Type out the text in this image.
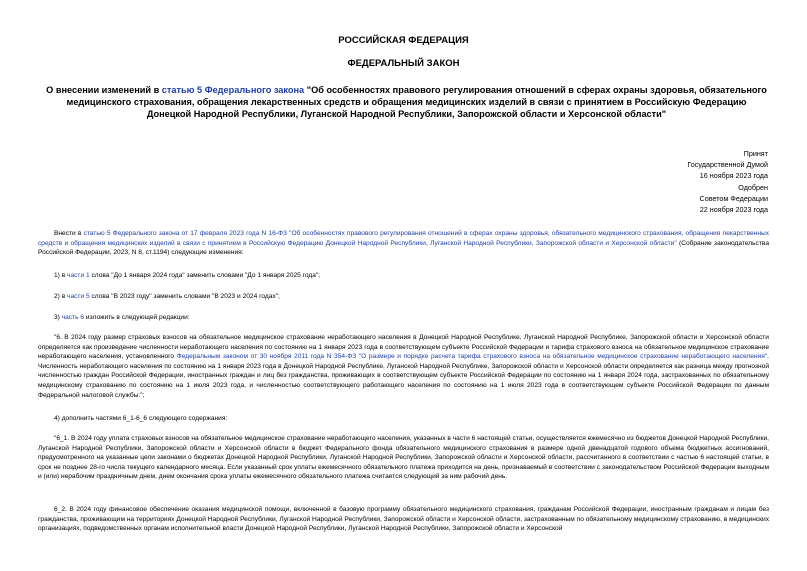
РОССИЙСКАЯ ФЕДЕРАЦИЯ
ФЕДЕРАЛЬНЫЙ ЗАКОН
О внесении изменений в статью 5 Федерального закона "Об особенностях правового регулирования отношений в сферах охраны здоровья, обязательного медицинского страхования, обращения лекарственных средств и обращения медицинских изделий в связи с принятием в Российскую Федерацию Донецкой Народной Республики, Луганской Народной Республики, Запорожской области и Херсонской области"
Принят
Государственной Думой
16 ноября 2023 года
Одобрен
Советом Федерации
22 ноября 2023 года
Внести в статью 5 Федерального закона от 17 февраля 2023 года N 16-ФЗ "Об особенностях правового регулирования отношений в сферах охраны здоровья, обязательного медицинского страхования, обращения лекарственных средств и обращения медицинских изделий в связи с принятием в Российскую Федерацию Донецкой Народной Республики, Луганской Народной Республики, Запорожской области и Херсонской области" (Собрание законодательства Российской Федерации, 2023, N 8, ст.1194) следующие изменения:
1) в части 1 слова "До 1 января 2024 года" заменить словами "До 1 января 2025 года";
2) в части 5 слова "В 2023 году" заменить словами "В 2023 и 2024 годах";
3) часть 6 изложить в следующей редакции:
"6. В 2024 году размер страховых взносов на обязательное медицинское страхование неработающего населения в Донецкой Народной Республике, Луганской Народной Республике, Запорожской области и Херсонской области определяется как произведение численности неработающего населения по состоянию на 1 января 2023 года в соответствующем субъекте Российской Федерации и тарифа страхового взноса на обязательное медицинское страхование неработающего населения, установленного Федеральным законом от 30 ноября 2011 года N 354-ФЗ "О размере и порядке расчета тарифа страхового взноса на обязательное медицинское страхование неработающего населения". Численность неработающего населения по состоянию на 1 января 2023 года в Донецкой Народной Республике, Луганской Народной Республике, Запорожской области и Херсонской области определяется как разница между прогнозной численностью граждан Российской Федерации, иностранных граждан и лиц без гражданства, проживающих в соответствующем субъекте Российской Федерации по состоянию на 1 января 2024 года, застрахованных по обязательному медицинскому страхованию по состоянию на 1 июля 2023 года, и численностью соответствующего работающего населения по состоянию на 1 июля 2023 года в соответствующем субъекте Российской Федерации по данным Федеральной налоговой службы.";
4) дополнить частями 6_1-6_6 следующего содержания:
"6_1. В 2024 году уплата страховых взносов на обязательное медицинское страхование неработающего населения, указанных в части 6 настоящей статьи, осуществляется ежемесячно из бюджетов Донецкой Народной Республики, Луганской Народной Республики, Запорожской области и Херсонской области в бюджет Федерального фонда обязательного медицинского страхования в размере одной двенадцатой годового объема бюджетных ассигнований, предусмотренного на указанные цели законами о бюджетах Донецкой Народной Республики, Луганской Народной Республики, Запорожской области и Херсонской области, рассчитанного в соответствии с частью 6 настоящей статьи, в срок не позднее 28-го числа текущего календарного месяца. Если указанный срок уплаты ежемесячного обязательного платежа приходится на день, признаваемый в соответствии с законодательством Российской Федерации выходным и (или) нерабочим праздничным днем, днем окончания срока уплаты ежемесячного обязательного платежа считается следующий за ним рабочий день.
6_2. В 2024 году финансовое обеспечение оказания медицинской помощи, включенной в базовую программу обязательного медицинского страхования, гражданам Российской Федерации, иностранным гражданам и лицам без гражданства, проживающим на территориях Донецкой Народной Республики, Луганской Народной Республики, Запорожской области и Херсонской области, застрахованным по обязательному медицинскому страхованию, в медицинских организациях, подведомственных органам исполнительной власти Донецкой Народной Республики, Луганской Народной Республики, Запорожской области и Херсонской
